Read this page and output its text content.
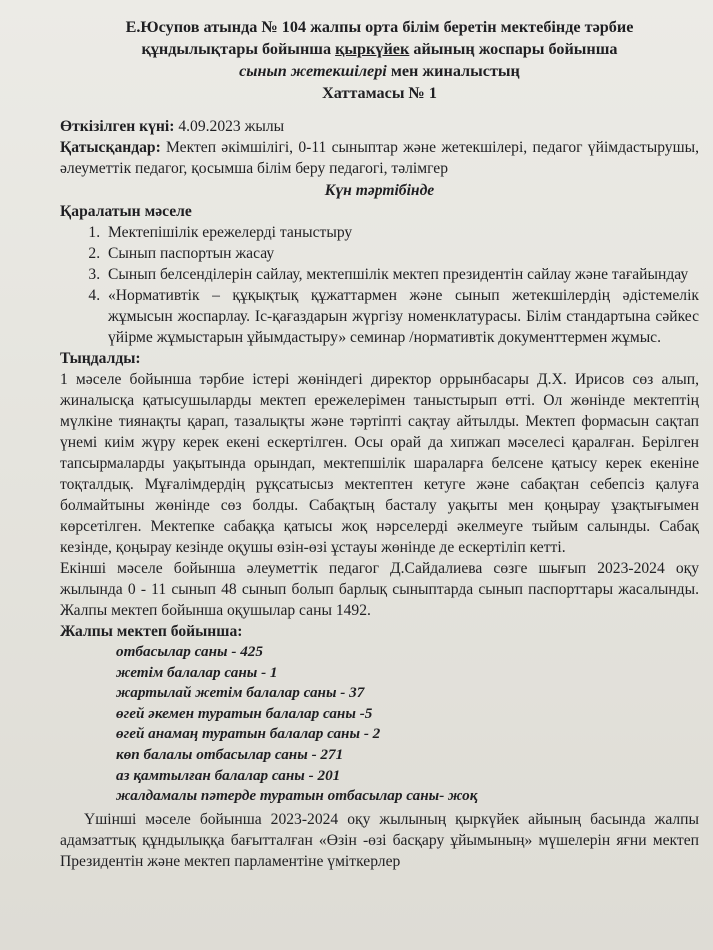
Е.Юсупов атында № 104 жалпы орта білім беретін мектебінде тәрбие
құндылықтары бойынша қыркүйек айының жоспары бойынша
сынып жетекшілері мен жиналыстың
Хаттамасы № 1

Өткізілген күні: 4.09.2023 жылы

Қатысқандар: Мектеп әкімшілігі, 0-11 сыныптар және жетекшілері, педагог үйімдастырушы, әлеуметтік педагог, қосымша білім беру педагогі, тәлімгер

Күн тәртібінде

Қаралатын мәселе

1. Мектепішілік ережелерді таныстыру
2. Сынып паспортын жасау
3. Сынып белсенділерін сайлау, мектепшілік мектеп президентін сайлау және тағайындау
4. «Нормативтік – құқықтық құжаттармен және сынып жетекшілердің әдістемелік жұмысын жоспарлау. Іс-қағаздарын жүргізу номенклатурасы. Білім стандартына сәйкес үйірме жұмыстарын ұйымдастыру» семинар /нормативтік документтермен жұмыс.

Тыңдалды:

1 мәселе бойынша тәрбие істері жөніндегі директор оррынбасары Д.Х. Ирисов сөз алып, жиналысқа қатысушыларды мектеп ережелерімен таныстырып өтті. Ол жөнінде мектептің мүлкіне тиянақты қарап, тазалықты және тәртіпті сақтау айтылды. Мектеп формасын сақтап үнемі киім жүру керек екені ескертілген. Осы орай да хипжап мәселесі қаралған. Берілген тапсырмаларды уақытында орындап, мектепшілік шараларға белсене қатысу керек екеніне тоқталдық. Мұғалімдердің рұқсатысыз мектептен кетуге және сабақтан себепсіз қалуға болмайтыны жөнінде сөз болды. Сабақтың басталу уақыты мен қоңырау ұзақтығымен көрсетілген. Мектепке сабаққа қатысы жоқ нәрселерді әкелмеуге тыйым салынды. Сабақ кезінде, қоңырау кезінде оқушы өзін-өзі ұстауы жөнінде де ескертіліп кетті.

Екінші мәселе бойынша әлеуметтік педагог Д.Сайдалиева сөзге шығып 2023-2024 оқу жылында 0 - 11 сынып 48 сынып болып барлық сыныптарда сынып паспорттары жасалынды. Жалпы мектеп бойынша оқушылар саны 1492.

Жалпы мектеп бойынша:

отбасылар саны - 425
жетім балалар саны - 1
жартылай жетім балалар саны - 37
өгей әкемен туратын балалар саны -5
өгей анамаң туратын балалар саны - 2
көп балалы отбасылар саны - 271
аз қамтылған балалар саны - 201
жалдамалы пәтерде туратын отбасылар саны- жоқ

Үшінші мәселе бойынша 2023-2024 оқу жылының қыркүйек айының басында жалпы адамзаттық құндылыққа бағытталған «Өзін -өзі басқару ұйымының» мүшелерін яғни мектеп Президентін және мектеп парламентіне үміткерлер
